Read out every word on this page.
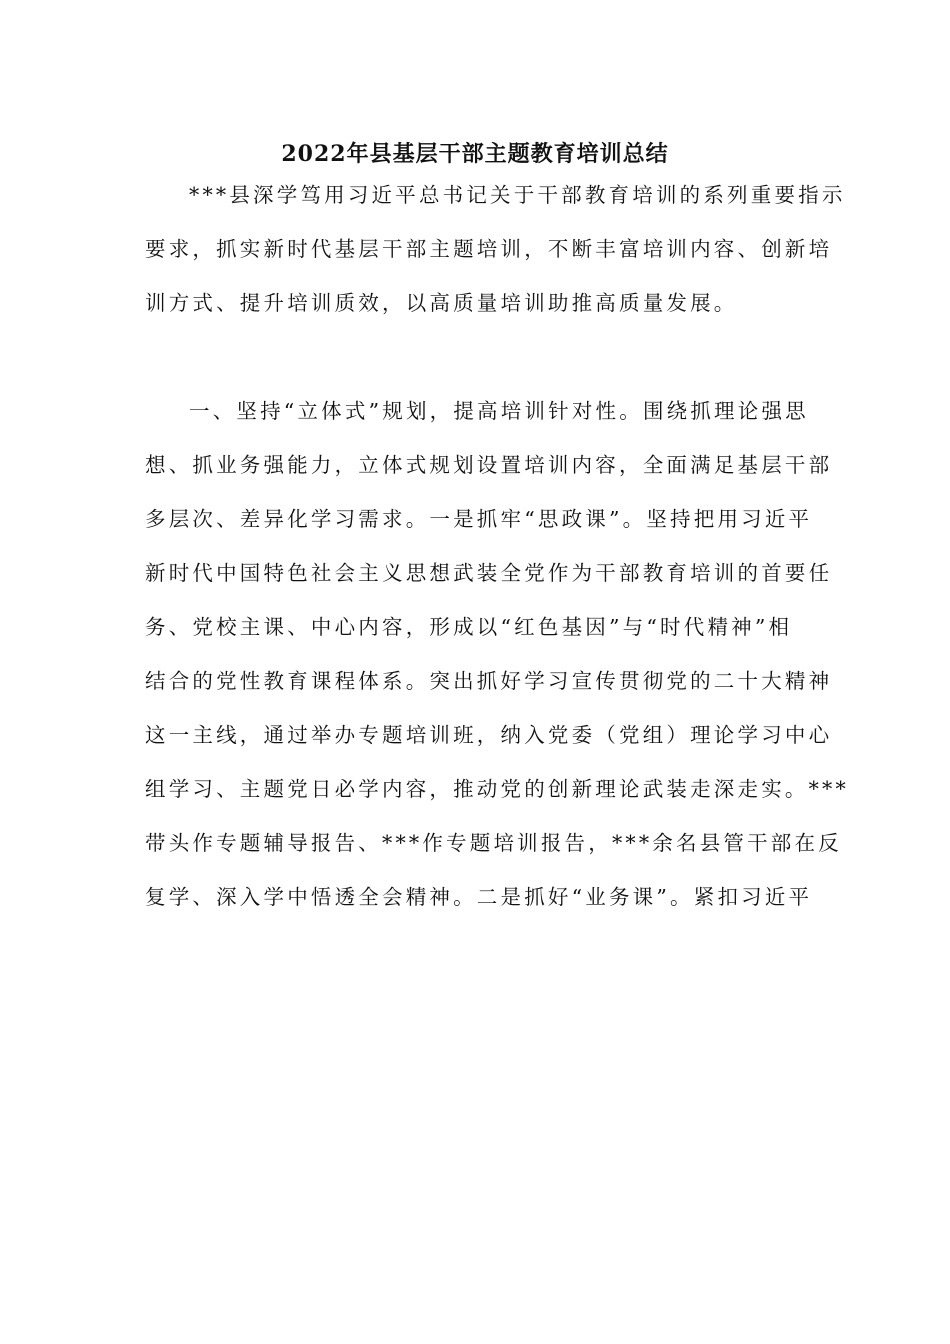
2022年县基层干部主题教育培训总结

***县深学笃用习近平总书记关于干部教育培训的系列重要指示
要求，抓实新时代基层干部主题培训，不断丰富培训内容、创新培
训方式、提升培训质效，以高质量培训助推高质量发展。

一、坚持“立体式”规划，提高培训针对性。围绕抓理论强思
想、抓业务强能力，立体式规划设置培训内容，全面满足基层干部
多层次、差异化学习需求。一是抓牢“思政课”。坚持把用习近平
新时代中国特色社会主义思想武装全党作为干部教育培训的首要任
务、党校主课、中心内容，形成以“红色基因”与“时代精神”相
结合的党性教育课程体系。突出抓好学习宣传贯彻党的二十大精神
这一主线，通过举办专题培训班，纳入党委（党组）理论学习中心
组学习、主题党日必学内容，推动党的创新理论武装走深走实。***
带头作专题辅导报告、***作专题培训报告，***余名县管干部在反
复学、深入学中悟透全会精神。二是抓好“业务课”。紧扣习近平
